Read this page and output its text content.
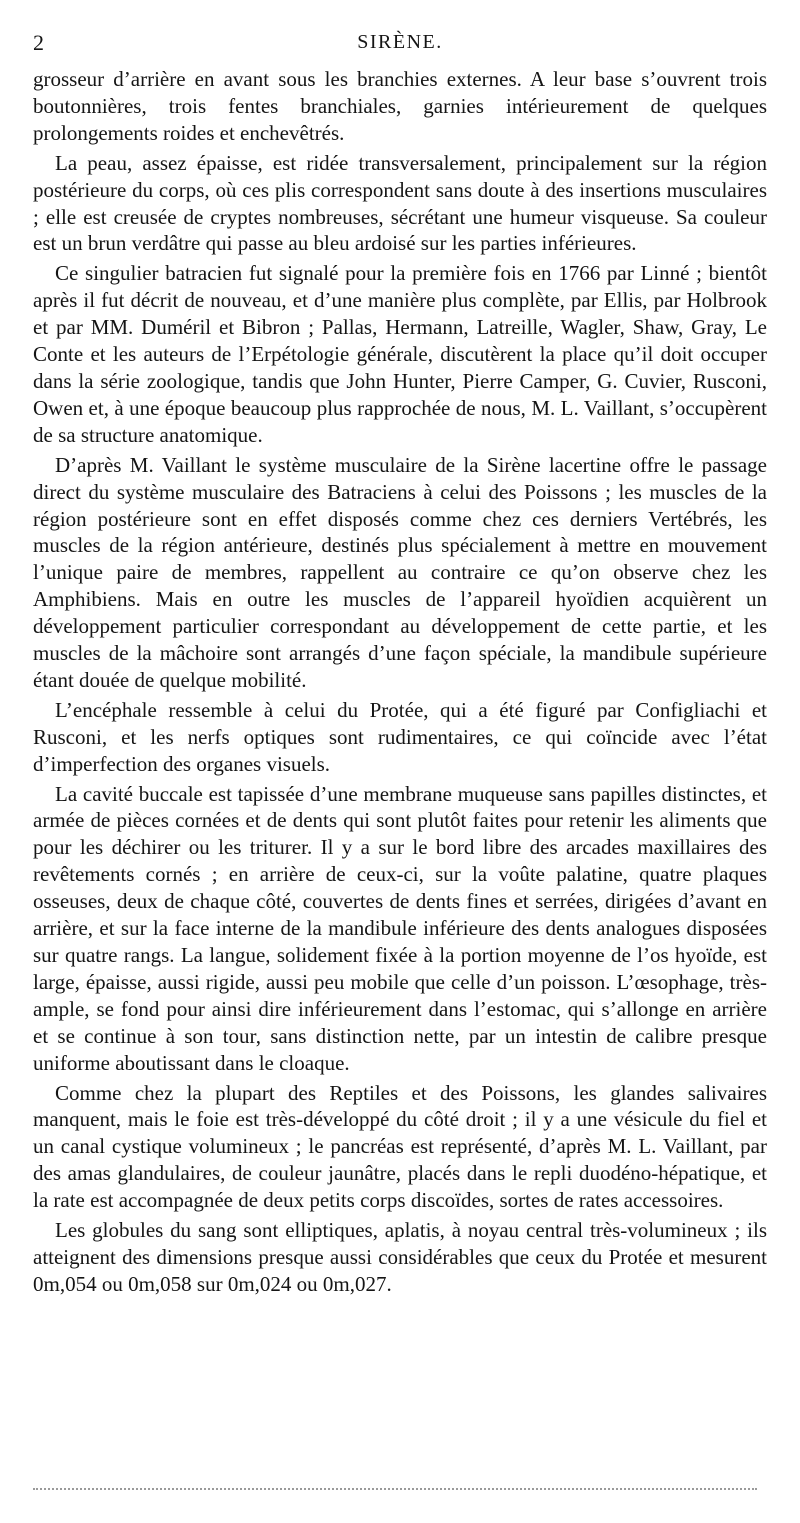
2	SIRÈNE.

grosseur d’arrière en avant sous les branchies externes. A leur base s’ouvrent trois boutonnières, trois fentes branchiales, garnies intérieurement de quelques prolongements roides et enchevêtrés.

La peau, assez épaisse, est ridée transversalement, principalement sur la région postérieure du corps, où ces plis correspondent sans doute à des insertions musculaires ; elle est creusée de cryptes nombreuses, sécrétant une humeur visqueuse. Sa couleur est un brun verdâtre qui passe au bleu ardoisé sur les parties inférieures.

Ce singulier batracien fut signalé pour la première fois en 1766 par Linné ; bientôt après il fut décrit de nouveau, et d’une manière plus complète, par Ellis, par Holbrook et par MM. Duméril et Bibron ; Pallas, Hermann, Latreille, Wagler, Shaw, Gray, Le Conte et les auteurs de l’Erpétologie générale, discutèrent la place qu’il doit occuper dans la série zoologique, tandis que John Hunter, Pierre Camper, G. Cuvier, Rusconi, Owen et, à une époque beaucoup plus rapprochée de nous, M. L. Vaillant, s’occupèrent de sa structure anatomique.

D’après M. Vaillant le système musculaire de la Sirène lacertine offre le passage direct du système musculaire des Batraciens à celui des Poissons ; les muscles de la région postérieure sont en effet disposés comme chez ces derniers Vertébrés, les muscles de la région antérieure, destinés plus spécialement à mettre en mouvement l’unique paire de membres, rappellent au contraire ce qu’on observe chez les Amphibiens. Mais en outre les muscles de l’appareil hyoïdien acquièrent un développement particulier correspondant au développement de cette partie, et les muscles de la mâchoire sont arrangés d’une façon spéciale, la mandibule supérieure étant douée de quelque mobilité.

L’encéphale ressemble à celui du Protée, qui a été figuré par Configliachi et Rusconi, et les nerfs optiques sont rudimentaires, ce qui coïncide avec l’état d’imperfection des organes visuels.

La cavité buccale est tapissée d’une membrane muqueuse sans papilles distinctes, et armée de pièces cornées et de dents qui sont plutôt faites pour retenir les aliments que pour les déchirer ou les triturer. Il y a sur le bord libre des arcades maxillaires des revêtements cornés ; en arrière de ceux-ci, sur la voûte palatine, quatre plaques osseuses, deux de chaque côté, couvertes de dents fines et serrées, dirigées d’avant en arrière, et sur la face interne de la mandibule inférieure des dents analogues disposées sur quatre rangs. La langue, solidement fixée à la portion moyenne de l’os hyoïde, est large, épaisse, aussi rigide, aussi peu mobile que celle d’un poisson. L’œsophage, très-ample, se fond pour ainsi dire inférieurement dans l’estomac, qui s’allonge en arrière et se continue à son tour, sans distinction nette, par un intestin de calibre presque uniforme aboutissant dans le cloaque.

Comme chez la plupart des Reptiles et des Poissons, les glandes salivaires manquent, mais le foie est très-développé du côté droit ; il y a une vésicule du fiel et un canal cystique volumineux ; le pancréas est représenté, d’après M. L. Vaillant, par des amas glandulaires, de couleur jaunâtre, placés dans le repli duodéno-hépatique, et la rate est accompagnée de deux petits corps discoïdes, sortes de rates accessoires.

Les globules du sang sont elliptiques, aplatis, à noyau central très-volumineux ; ils atteignent des dimensions presque aussi considérables que ceux du Protée et mesurent 0m,054 ou 0m,058 sur 0m,024 ou 0m,027.
